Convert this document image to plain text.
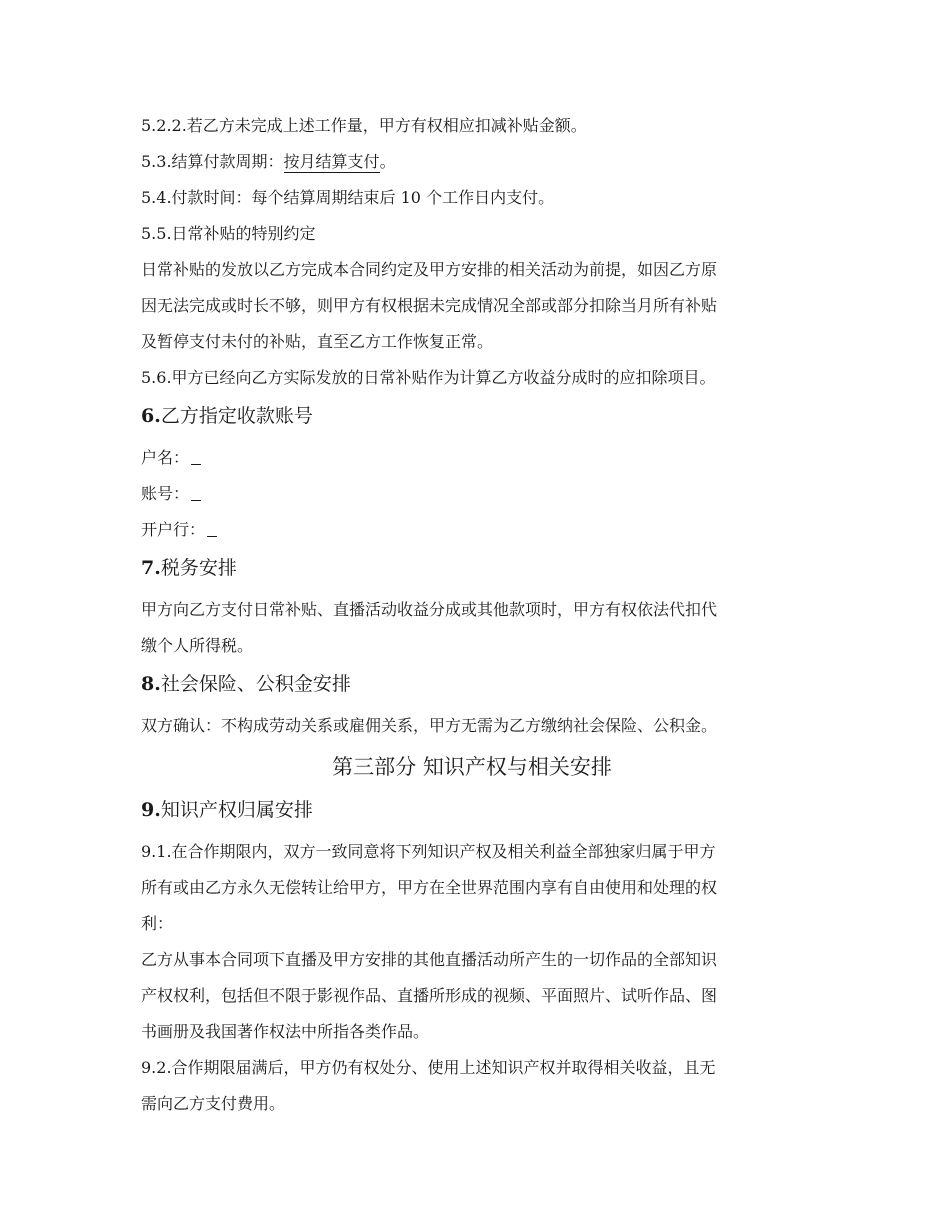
5.2.2.若乙方未完成上述工作量，甲方有权相应扣减补贴金额。

5.3.结算付款周期：按月结算支付。

5.4.付款时间：每个结算周期结束后 10 个工作日内支付。

5.5.日常补贴的特别约定

日常补贴的发放以乙方完成本合同约定及甲方安排的相关活动为前提，如因乙方原

因无法完成或时长不够，则甲方有权根据未完成情况全部或部分扣除当月所有补贴

及暂停支付未付的补贴，直至乙方工作恢复正常。

5.6.甲方已经向乙方实际发放的日常补贴作为计算乙方收益分成时的应扣除项目。

6.乙方指定收款账号

户名：

账号：

开户行：

7.税务安排

甲方向乙方支付日常补贴、直播活动收益分成或其他款项时，甲方有权依法代扣代

缴个人所得税。

8.社会保险、公积金安排

双方确认：不构成劳动关系或雇佣关系，甲方无需为乙方缴纳社会保险、公积金。

第三部分 知识产权与相关安排

9.知识产权归属安排

9.1.在合作期限内，双方一致同意将下列知识产权及相关利益全部独家归属于甲方

所有或由乙方永久无偿转让给甲方，甲方在全世界范围内享有自由使用和处理的权

利：

乙方从事本合同项下直播及甲方安排的其他直播活动所产生的一切作品的全部知识

产权权利，包括但不限于影视作品、直播所形成的视频、平面照片、试听作品、图

书画册及我国著作权法中所指各类作品。

9.2.合作期限届满后，甲方仍有权处分、使用上述知识产权并取得相关收益，且无

需向乙方支付费用。
